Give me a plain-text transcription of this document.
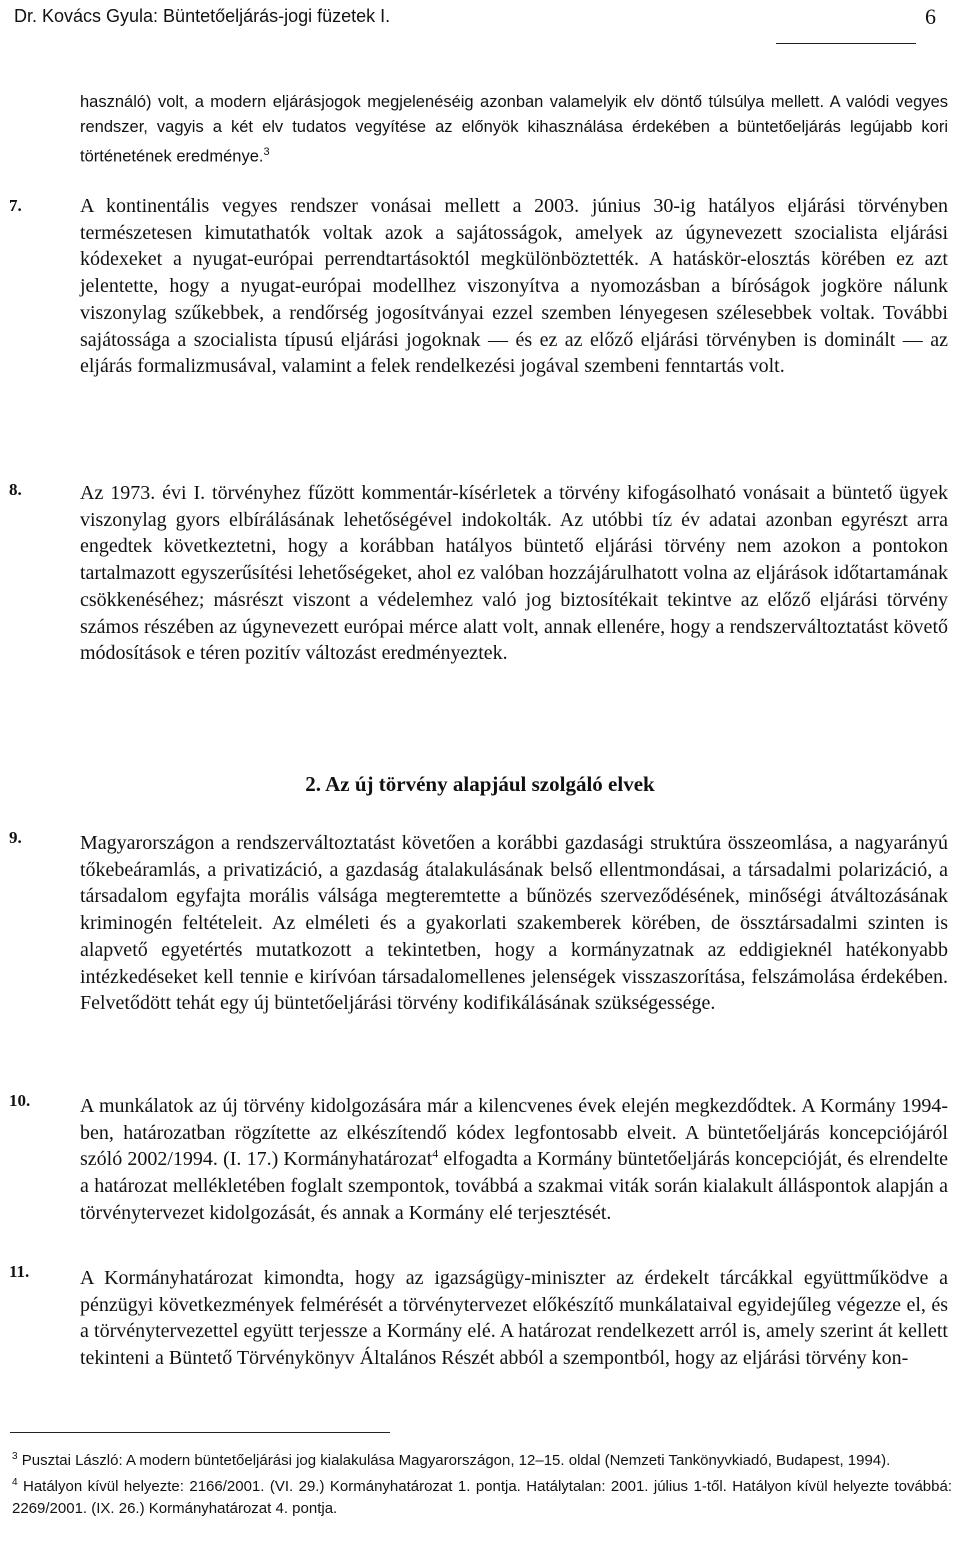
Dr. Kovács Gyula: Büntetőeljárás-jogi füzetek I.	6
használó) volt, a modern eljárásjogok megjelenéséig azonban valamelyik elv döntő túlsúlya mellett. A valódi vegyes rendszer, vagyis a két elv tudatos vegyítése az előnyök kihasználása érdekében a büntetőeljárás legújabb kori történetének eredménye.$^3$
7.	A kontinentális vegyes rendszer vonásai mellett a 2003. június 30-ig hatályos eljárási törvényben természetesen kimutathatók voltak azok a sajátosságok, amelyek az úgynevezett szocialista eljárási kódexeket a nyugat-európai perrendtartásoktól megkülönböztették. A hatáskör-elosztás körében ez azt jelentette, hogy a nyugat-európai modellhez viszonyítva a nyomozásban a bíróságok jogköre nálunk viszonylag szűkebbek, a rendőrség jogosítványai ezzel szemben lényegesen szélesebbek voltak. További sajátossága a szocialista típusú eljárási jogoknak ― és ez az előző eljárási törvényben is dominált ― az eljárás formalizmusával, valamint a felek rendelkezési jogával szembeni fenntartás volt.
8.	Az 1973. évi I. törvényhez fűzött kommentár-kísérletek a törvény kifogásolható vonásait a büntető ügyek viszonylag gyors elbírálásának lehetőségével indokolták. Az utóbbi tíz év adatai azonban egyrészt arra engedtek következtetni, hogy a korábban hatályos büntető eljárási törvény nem azokon a pontokon tartalmazott egyszerűsítési lehetőségeket, ahol ez valóban hozzájárulhatott volna az eljárások időtartamának csökkenéséhez; másrészt viszont a védelemhez való jog biztosítékait tekintve az előző eljárási törvény számos részében az úgynevezett európai mérce alatt volt, annak ellenére, hogy a rendszerváltoztatást követő módosítások e téren pozitív változást eredményeztek.
2. Az új törvény alapjául szolgáló elvek
9.	Magyarországon a rendszerváltoztatást követően a korábbi gazdasági struktúra összeomlása, a nagyarányú tőkebeáramlás, a privatizáció, a gazdaság átalakulásának belső ellentmondásai, a társadalmi polarizáció, a társadalom egyfajta morális válsága megteremtette a bűnözés szerveződésének, minőségi átváltozásának kriminogén feltételeit. Az elméleti és a gyakorlati szakemberek körében, de össztársadalmi szinten is alapvető egyetértés mutatkozott a tekintetben, hogy a kormányzatnak az eddigieknél hatékonyabb intézkedéseket kell tennie e kirívóan társadalomellenes jelenségek visszaszorítása, felszámolása érdekében. Felvetődött tehát egy új büntetőeljárási törvény kodifikálásának szükségessége.
10. A munkálatok az új törvény kidolgozására már a kilencvenes évek elején megkezdődtek. A Kormány 1994-ben, határozatban rögzítette az elkészítendő kódex legfontosabb elveit. A büntetőeljárás koncepciójáról szóló 2002/1994. (I. 17.) Kormányhatározat$^4$ elfogadta a Kormány büntetőeljárás koncepcióját, és elrendelte a határozat mellékletében foglalt szempontok, továbbá a szakmai viták során kialakult álláspontok alapján a törvénytervezet kidolgozását, és annak a Kormány elé terjesztését.
11.	A Kormányhatározat kimondta, hogy az igazságügy-miniszter az érdekelt tárcákkal együttműködve a pénzügyi következmények felmérését a törvénytervezet előkészítő munkálataival egyidejűleg végezze el, és a törvénytervezettel együtt terjessze a Kormány elé. A határozat rendelkezett arról is, amely szerint át kellett tekinteni a Büntető Törvénykönyv Általános Részét abból a szempontból, hogy az eljárási törvény kon-

$^3$ Pusztai László: A modern büntetőeljárási jog kialakulása Magyarországon, 12–15. oldal (Nemzeti Tankönyvkiadó, Budapest, 1994).

$^4$ Hatályon kívül helyezte: 2166/2001. (VI. 29.) Kormányhatározat 1. pontja. Hatálytalan: 2001. július 1-től. Hatályon kívül helyezte továbbá: 2269/2001. (IX. 26.) Kormányhatározat 4. pontja.
